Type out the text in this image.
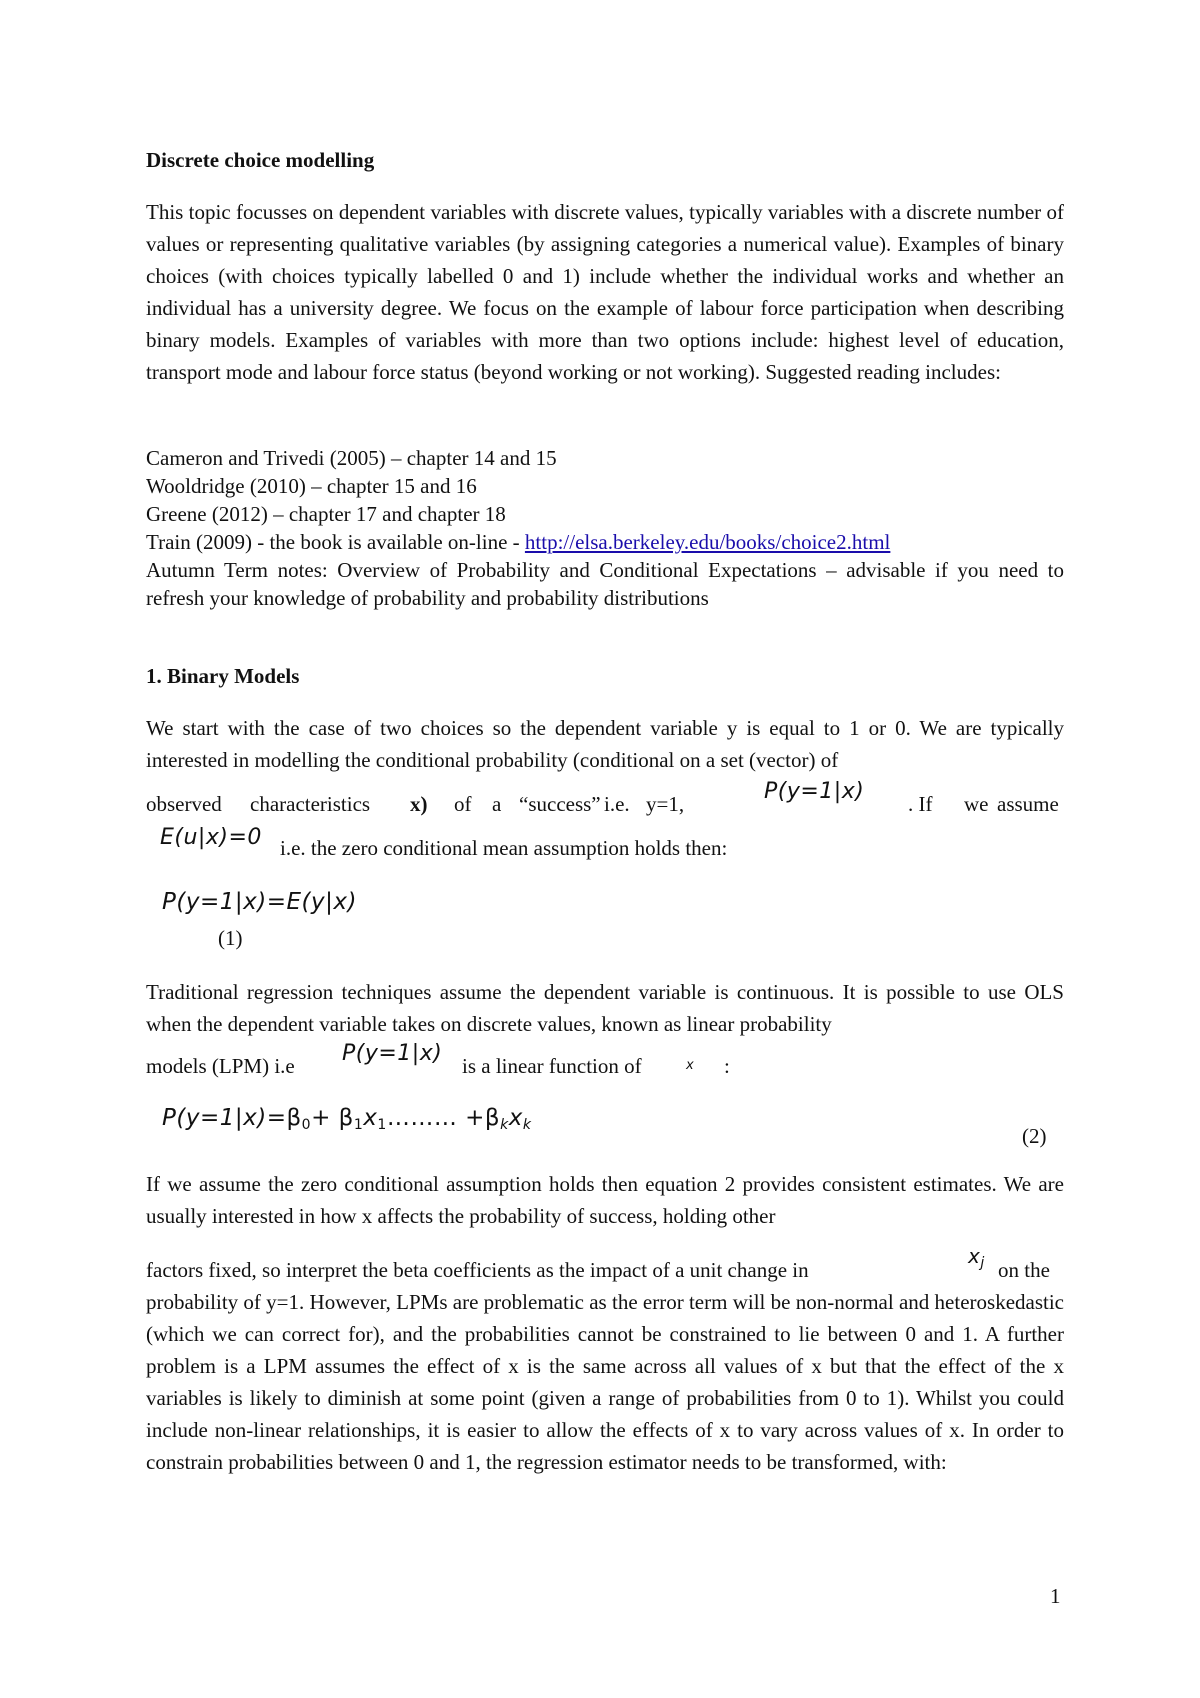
Discrete choice modelling

This topic focusses on dependent variables with discrete values, typically variables with a discrete number of values or representing qualitative variables (by assigning categories a numerical value). Examples of binary choices (with choices typically labelled 0 and 1) include whether the individual works and whether an individual has a university degree. We focus on the example of labour force participation when describing binary models. Examples of variables with more than two options include: highest level of education, transport mode and labour force status (beyond working or not working). Suggested reading includes:

Cameron and Trivedi (2005) – chapter 14 and 15
Wooldridge (2010) – chapter 15 and 16
Greene (2012) – chapter 17 and chapter 18
Train (2009) - the book is available on-line - http://elsa.berkeley.edu/books/choice2.html

Autumn Term notes: Overview of Probability and Conditional Expectations – advisable if you need to refresh your knowledge of probability and probability distributions

1. Binary Models

We start with the case of two choices so the dependent variable y is equal to 1 or 0. We are typically interested in modelling the conditional probability (conditional on a set (vector) of

observed characteristics x) of a “success” i.e. y=1,	P(y=1|x) . If we assume
E(u|x)=0 i.e. the zero conditional mean assumption holds then:
P(y=1|x)=E(y|x)
(1)

Traditional regression techniques assume the dependent variable is continuous. It is possible to use OLS when the dependent variable takes on discrete values, known as linear probability

models (LPM) i.e P(y=1|x) is a linear function of	x :
$P(y=1|x)=\beta_0+$ $\beta_1x_1\dots\dots\dots +\beta_kx_k$	(2)

If we assume the zero conditional assumption holds then equation 2 provides consistent estimates. We are usually interested in how x affects the probability of success, holding other

factors fixed, so interpret the beta coefficients as the impact of a unit change in
$x_j$ on the

probability of y=1. However, LPMs are problematic as the error term will be non-normal and heteroskedastic (which we can correct for), and the probabilities cannot be constrained to lie between 0 and 1. A further problem is a LPM assumes the effect of x is the same across all values of x but that the effect of the x variables is likely to diminish at some point (given a range of probabilities from 0 to 1). Whilst you could include non-linear relationships, it is easier to allow the effects of x to vary across values of x. In order to constrain probabilities between 0 and 1, the regression estimator needs to be transformed, with:

1
